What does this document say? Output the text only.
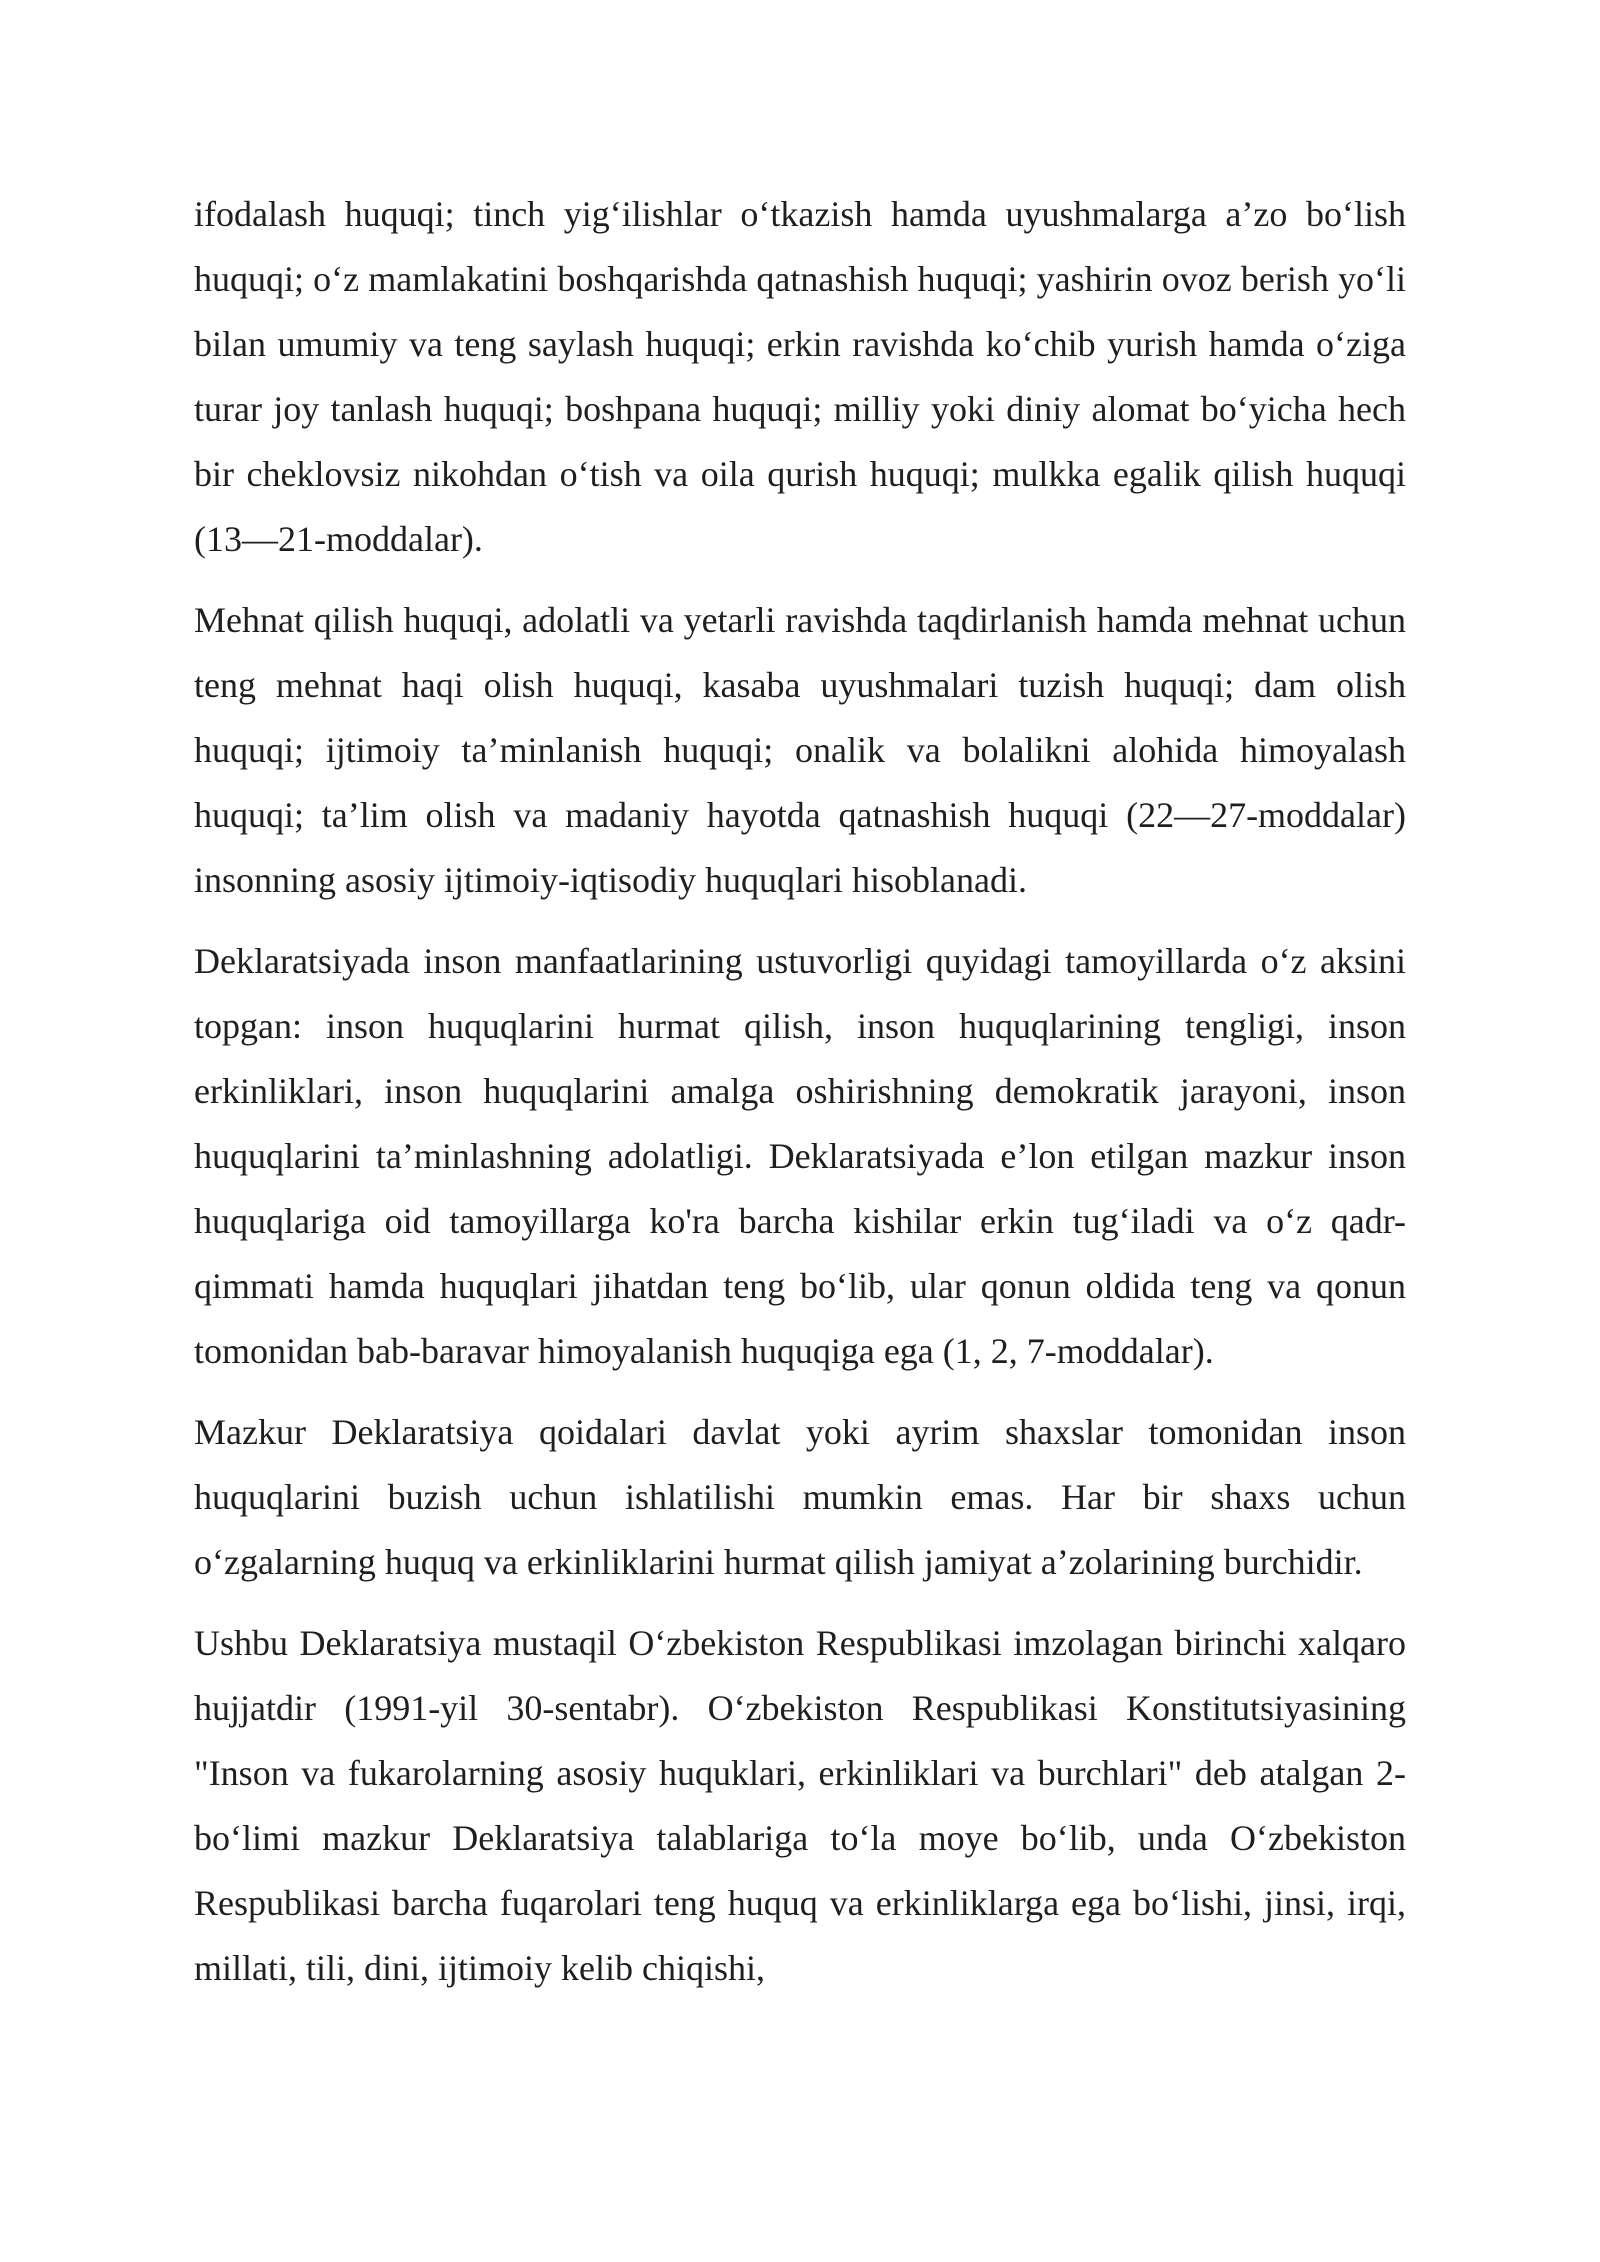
ifodalash huquqi; tinch yig‘ilishlar o‘tkazish hamda uyushmalarga a’zo bo‘lish huquqi; o‘z mamlakatini boshqarishda qatnashish huquqi; yashirin ovoz berish yo‘li bilan umumiy va teng saylash huquqi; erkin ravishda ko‘chib yurish hamda o‘ziga turar joy tanlash huquqi; boshpana huquqi; milliy yoki diniy alomat bo‘yicha hech bir cheklovsiz nikohdan o‘tish va oila qurish huquqi; mulkka egalik qilish huquqi (13—21-moddalar).

Mehnat qilish huquqi, adolatli va yetarli ravishda taqdirlanish hamda mehnat uchun teng mehnat haqi olish huquqi, kasaba uyushmalari tuzish huquqi; dam olish huquqi; ijtimoiy ta’minlanish huquqi; onalik va bolalikni alohida himoyalash huquqi; ta’lim olish va madaniy hayotda qatnashish huquqi (22—27-moddalar) insonning asosiy ijtimoiy-iqtisodiy huquqlari hisoblanadi.

Deklaratsiyada inson manfaatlarining ustuvorligi quyidagi tamoyillarda o‘z aksini topgan: inson huquqlarini hurmat qilish, inson huquqlarining tengligi, inson erkinliklari, inson huquqlarini amalga oshirishning demokratik jarayoni, inson huquqlarini ta’minlashning adolatligi. Deklaratsiyada e’lon etilgan mazkur inson huquqlariga oid tamoyillarga ko'ra barcha kishilar erkin tug‘iladi va o‘z qadr-qimmati hamda huquqlari jihatdan teng bo‘lib, ular qonun oldida teng va qonun tomonidan bab-baravar himoyalanish huquqiga ega (1, 2, 7-moddalar).

Mazkur Deklaratsiya qoidalari davlat yoki ayrim shaxslar tomonidan inson huquqlarini buzish uchun ishlatilishi mumkin emas. Har bir shaxs uchun o‘zgalarning huquq va erkinliklarini hurmat qilish jamiyat a’zolarining burchidir.

Ushbu Deklaratsiya mustaqil O‘zbekiston Respublikasi imzolagan birinchi xalqaro hujjatdir (1991-yil 30-sentabr). O‘zbekiston Respublikasi Konstitutsiyasining "Inson va fukarolarning asosiy huquklari, erkinliklari va burchlari" deb atalgan 2-bo‘limi mazkur Deklaratsiya talablariga to‘la moye bo‘lib, unda O‘zbekiston Respublikasi barcha fuqarolari teng huquq va erkinliklarga ega bo‘lishi, jinsi, irqi, millati, tili, dini, ijtimoiy kelib chiqishi,
